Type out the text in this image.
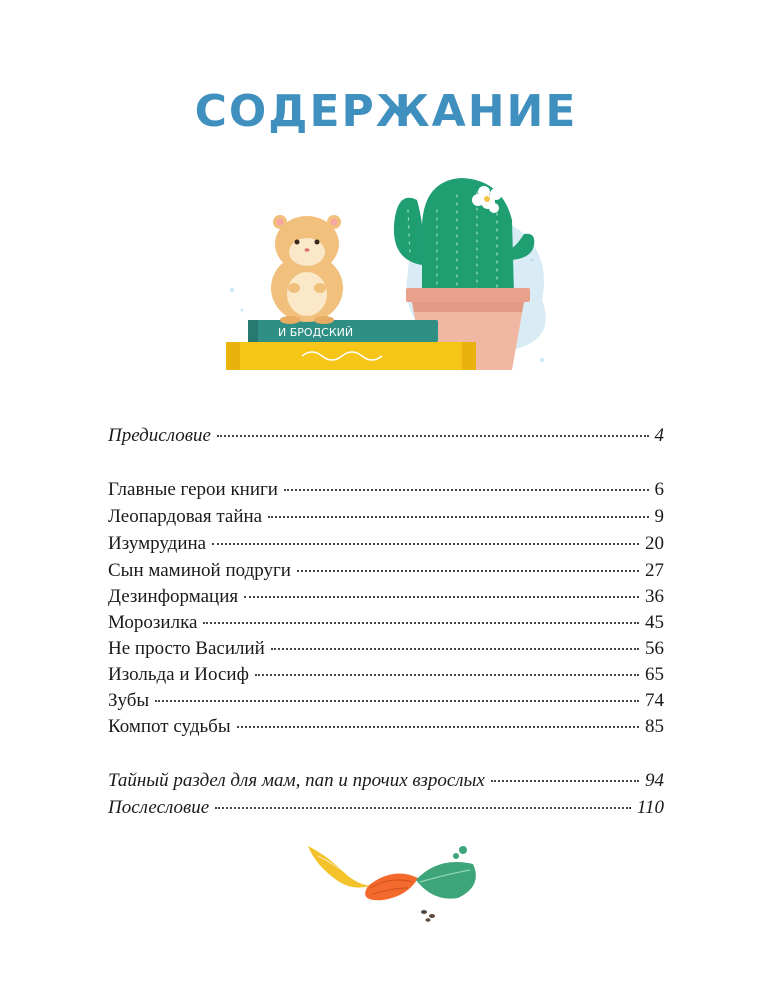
СОДЕРЖАНИЕ
И БРОДСКИЙ
Предисловие	4
Главные герои книги	6
Леопардовая тайна	9
Изумрудина	20
Сын маминой подруги	27
Дезинформация	36
Морозилка	45
Не просто Василий	56
Изольда и Иосиф	65
Зубы	74
Компот судьбы	85
Тайный раздел для мам, пап и прочих взрослых	94
Послесловие	110
